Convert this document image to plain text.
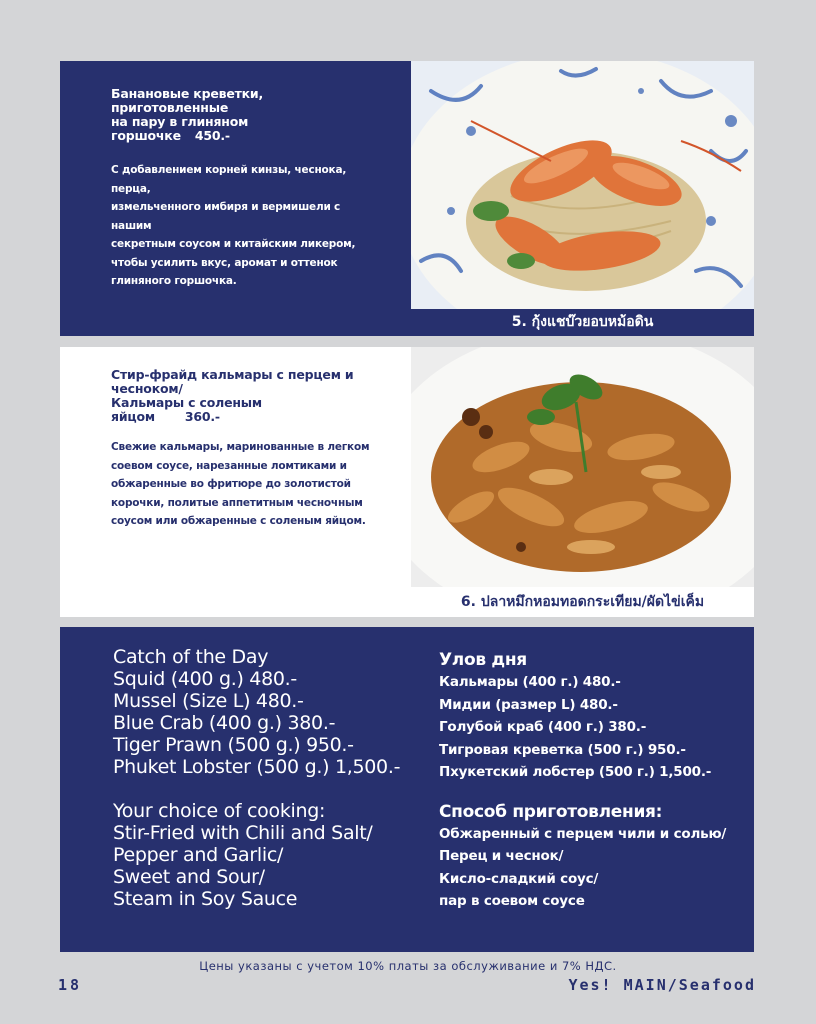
Банановые креветки, приготовленные
на пару в глиняном горшочке 450.-

С добавлением корней кинзы, чеснока, перца,
измельченного имбиря и вермишели с нашим
секретным соусом и китайским ликером,
чтобы усилить вкус, аромат и оттенок
глиняного горшочка.

5. กุ้งแชบ๊วยอบหม้อดิน

Стир-фрайд кальмары с перцем и
чесноком/
Кальмары с соленым яйцом 360.-

Свежие кальмары, маринованные в легком
соевом соусе, нарезанные ломтиками и
обжаренные во фритюре до золотистой
корочки, политые аппетитным чесночным
соусом или обжаренные с соленым яйцом.

6. ปลาหมึกหอมทอดกระเทียม/ผัดไข่เค็ม
Catch of the Day
Squid (400 g.) 480.-
Mussel (Size L) 480.-
Blue Crab (400 g.) 380.-
Tiger Prawn (500 g.) 950.-
Phuket Lobster (500 g.) 1,500.-
Your choice of cooking:
Stir-Fried with Chili and Salt/
Pepper and Garlic/
Sweet and Sour/
Steam in Soy Sauce
Улов дня
Кальмары (400 г.) 480.-
Мидии (размер L) 480.-
Голубой краб (400 г.) 380.-
Тигровая креветка (500 г.) 950.-
Пхукетский лобстер (500 г.) 1,500.-
Способ приготовления:
Обжаренный с перцем чили и солью/
Перец и чеснок/
Кисло-сладкий соус/
пар в соевом соусе
Цены указаны с учетом 10% платы за обслуживание и 7% НДС.
18	Yes! MAIN/Seafood
